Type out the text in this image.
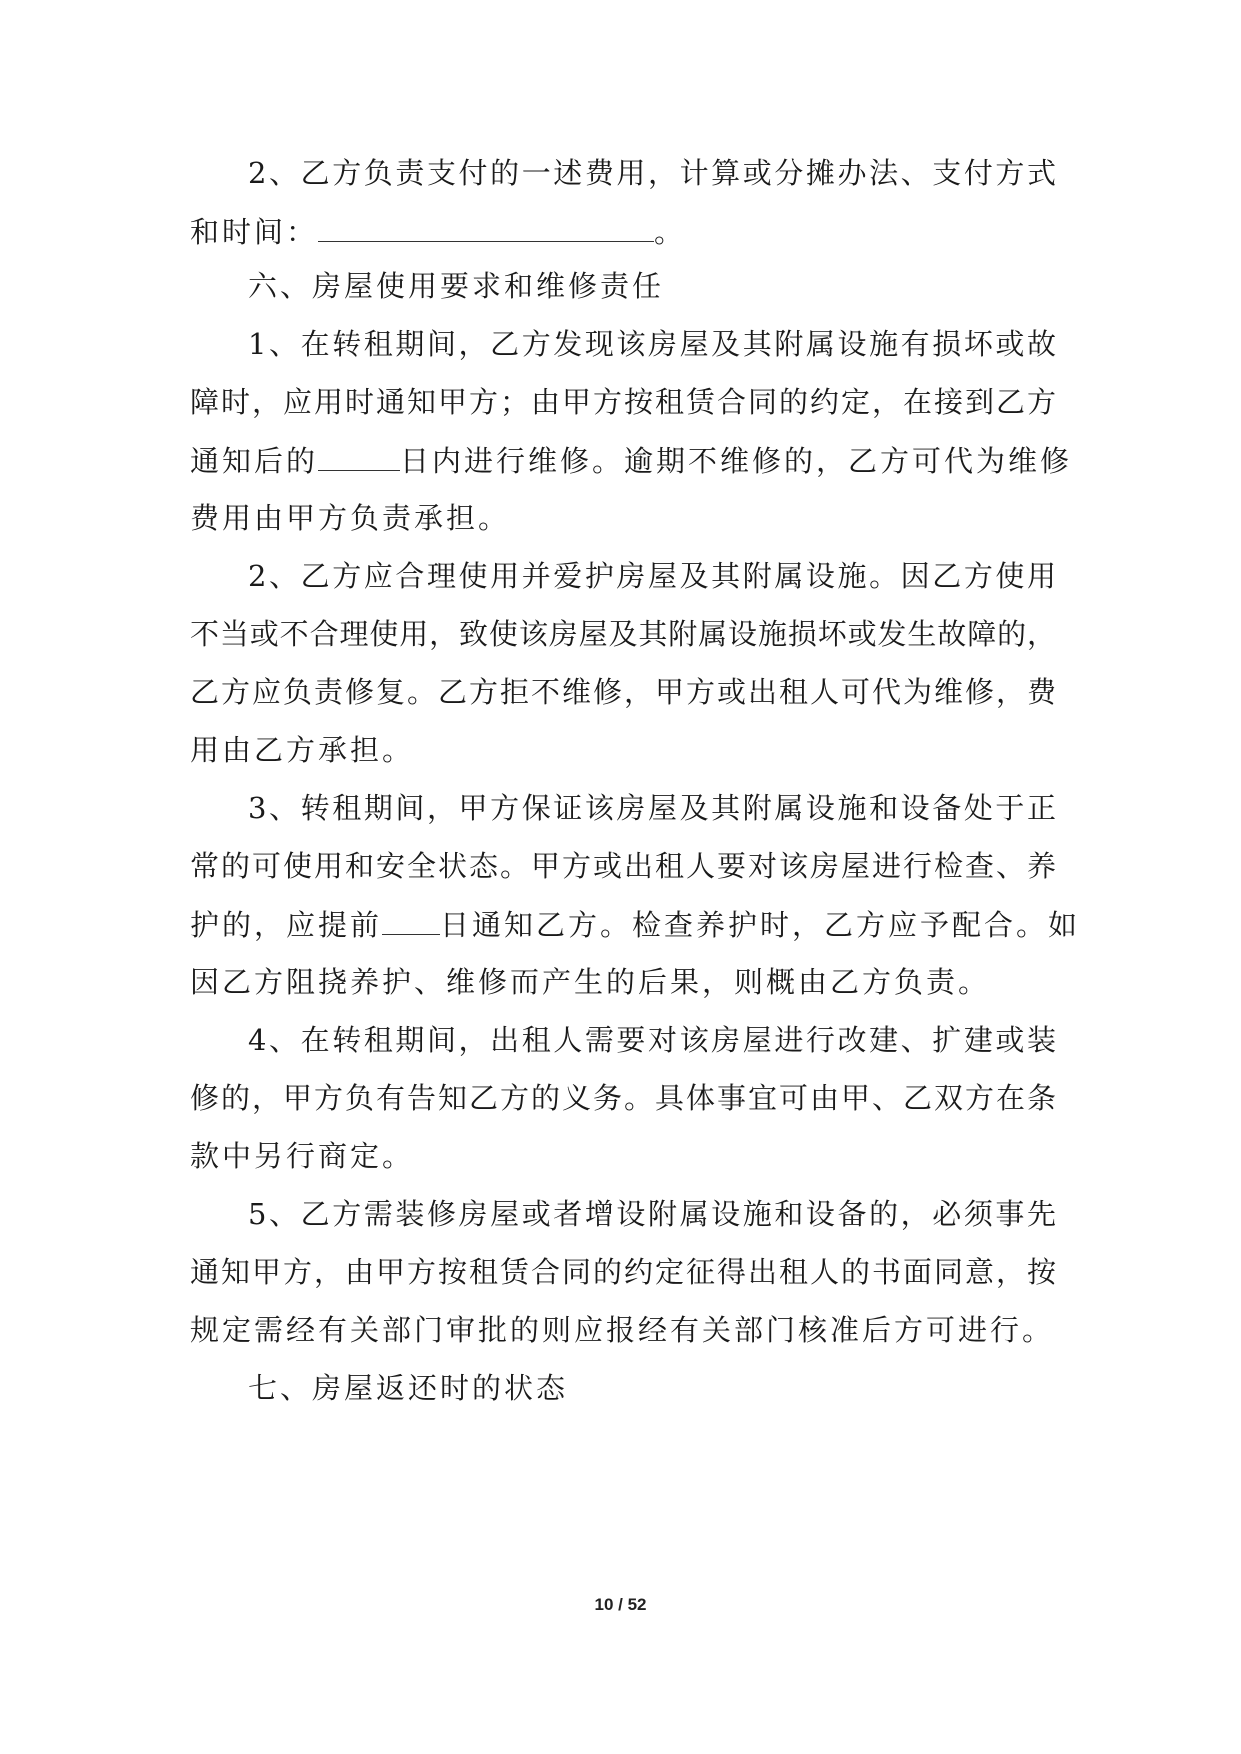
2、乙方负责支付的一述费用，计算或分摊办法、支付方式
和时间：	。
六、房屋使用要求和维修责任
1、在转租期间，乙方发现该房屋及其附属设施有损坏或故
障时，应用时通知甲方；由甲方按租赁合同的约定，在接到乙方
通知后的	日内进行维修。逾期不维修的，乙方可代为维修
费用由甲方负责承担。
2、乙方应合理使用并爱护房屋及其附属设施。因乙方使用
不当或不合理使用，致使该房屋及其附属设施损坏或发生故障的，
乙方应负责修复。乙方拒不维修，甲方或出租人可代为维修，费
用由乙方承担。
3、转租期间，甲方保证该房屋及其附属设施和设备处于正
常的可使用和安全状态。甲方或出租人要对该房屋进行检查、养
护的，应提前 日通知乙方。检查养护时，乙方应予配合。如
因乙方阻挠养护、维修而产生的后果，则概由乙方负责。
4、在转租期间，出租人需要对该房屋进行改建、扩建或装
修的，甲方负有告知乙方的义务。具体事宜可由甲、乙双方在条
款中另行商定。
5、乙方需装修房屋或者增设附属设施和设备的，必须事先
通知甲方，由甲方按租赁合同的约定征得出租人的书面同意，按
规定需经有关部门审批的则应报经有关部门核准后方可进行。
七、房屋返还时的状态
10 / 52
